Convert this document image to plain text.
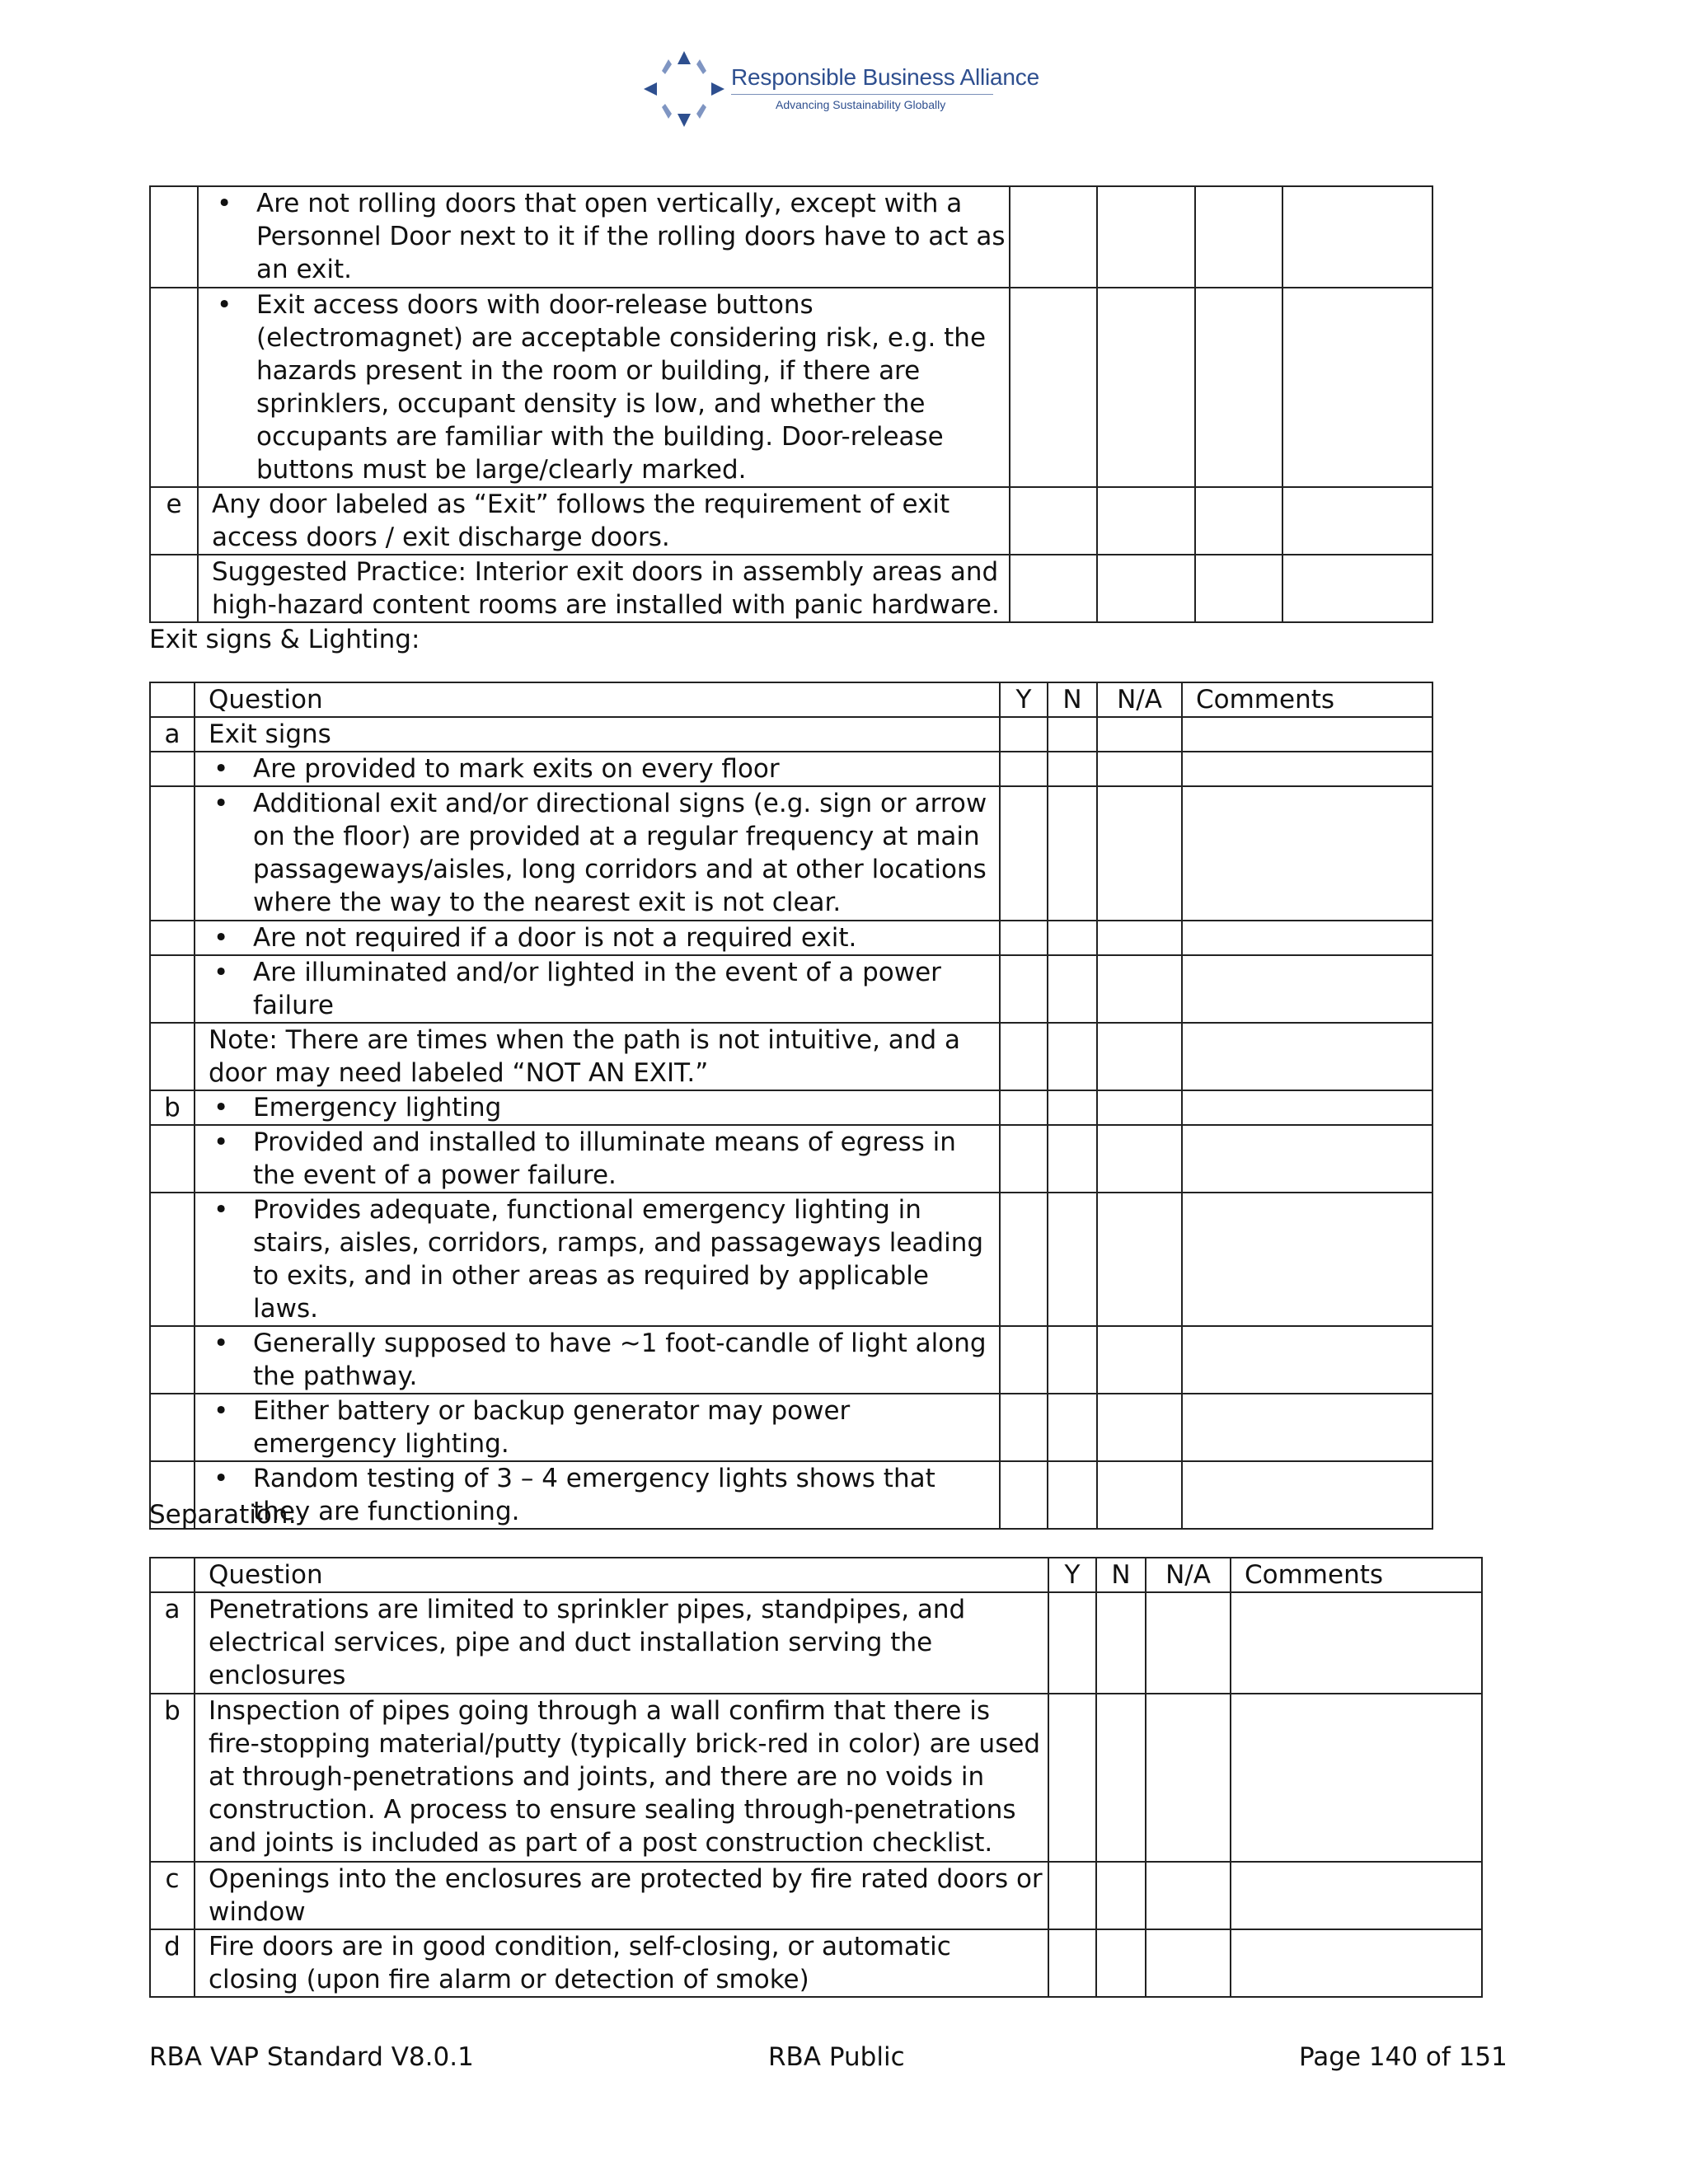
Responsible Business Alliance
Advancing Sustainability Globally

	• Are not rolling doors that open vertically, except with a Personnel Door next to it if the rolling doors have to act as an exit.

	• Exit access doors with door-release buttons (electromagnet) are acceptable considering risk, e.g. the hazards present in the room or building, if there are sprinklers, occupant density is low, and whether the occupants are familiar with the building. Door-release buttons must be large/clearly marked.

e	Any door labeled as “Exit” follows the requirement of exit access doors / exit discharge doors.				
	Suggested Practice: Interior exit doors in assembly areas and high-hazard content rooms are installed with panic hardware.				
Exit signs & Lighting:
	Question	Y	N	N/A	Comments
a	Exit signs				

	• Are provided to mark exits on every floor

	• Additional exit and/or directional signs (e.g. sign or arrow on the floor) are provided at a regular frequency at main passageways/aisles, long corridors and at other locations where the way to the nearest exit is not clear.

	• Are not required if a door is not a required exit.

	• Are illuminated and/or lighted in the event of a power failure

	Note: There are times when the path is not intuitive, and a door may need labeled “NOT AN EXIT.”				
b	• Emergency lighting

	• Provided and installed to illuminate means of egress in the event of a power failure.

	• Provides adequate, functional emergency lighting in stairs, aisles, corridors, ramps, and passageways leading to exits, and in other areas as required by applicable laws.

	• Generally supposed to have ~1 foot-candle of light along the pathway.

	• Either battery or backup generator may power emergency lighting.

	• Random testing of 3 – 4 emergency lights shows that they are functioning.

Separation:
	Question	Y	N	N/A	Comments
a	Penetrations are limited to sprinkler pipes, standpipes, and electrical services, pipe and duct installation serving the enclosures				
b	Inspection of pipes going through a wall confirm that there is fire-stopping material/putty (typically brick-red in color) are used at through-penetrations and joints, and there are no voids in construction. A process to ensure sealing through-penetrations and joints is included as part of a post construction checklist.				
c	Openings into the enclosures are protected by fire rated doors or window				
d	Fire doors are in good condition, self-closing, or automatic closing (upon fire alarm or detection of smoke)				
RBA VAP Standard V8.0.1	RBA Public	Page 140 of 151
